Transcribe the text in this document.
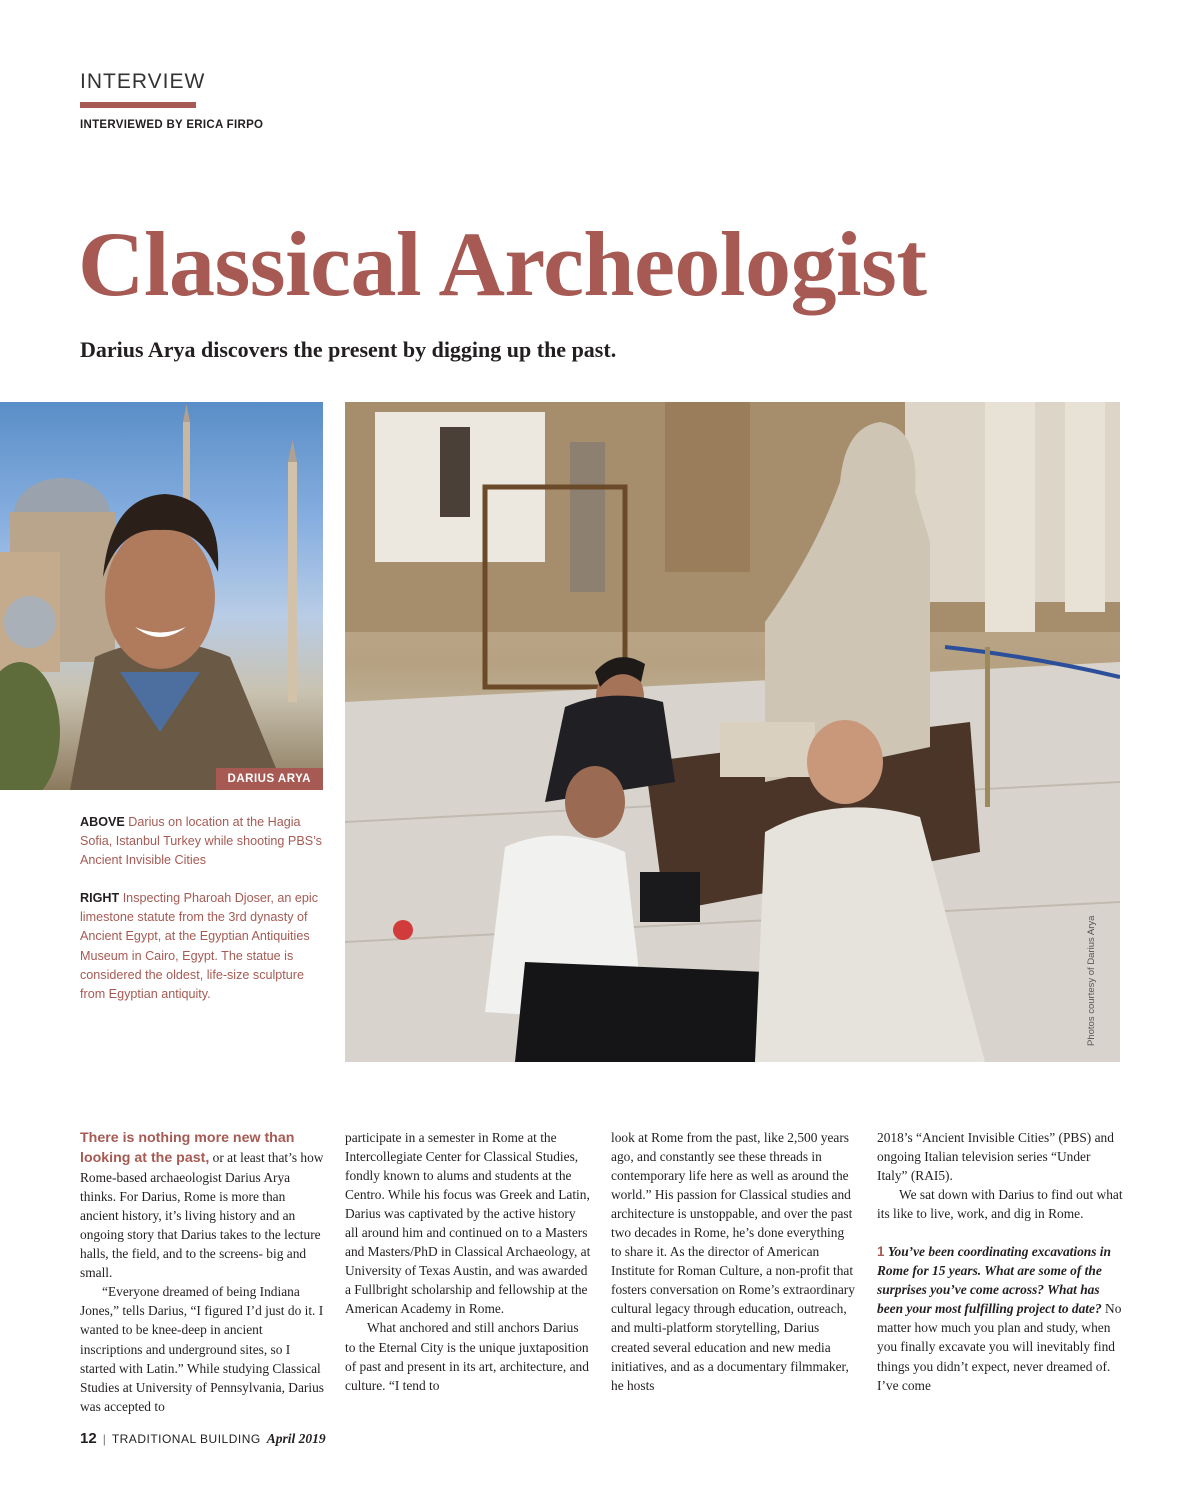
INTERVIEW
INTERVIEWED BY ERICA FIRPO
Classical Archeologist
Darius Arya discovers the present by digging up the past.
DARIUS ARYA
Photos courtesy of Darius Arya

ABOVE Darius on location at the Hagia Sofia, Istanbul Turkey while shooting PBS’s Ancient Invisible Cities

RIGHT Inspecting Pharoah Djoser, an epic limestone statute from the 3rd dynasty of Ancient Egypt, at the Egyptian Antiquities Museum in Cairo, Egypt. The statue is considered the oldest, life-size sculpture from Egyptian antiquity.

There is nothing more new than looking at the past, or at least that’s how Rome-based archaeologist Darius Arya thinks. For Darius, Rome is more than ancient history, it’s living history and an ongoing story that Darius takes to the lecture halls, the field, and to the screens- big and small.

“Everyone dreamed of being Indiana Jones,” tells Darius, “I figured I’d just do it. I wanted to be knee-deep in ancient inscriptions and underground sites, so I started with Latin.” While studying Classical Studies at University of Pennsylvania, Darius was accepted to

participate in a semester in Rome at the Intercollegiate Center for Classical Studies, fondly known to alums and students at the Centro. While his focus was Greek and Latin, Darius was captivated by the active history all around him and continued on to a Masters and Masters/PhD in Classical Archaeology, at University of Texas Austin, and was awarded a Fullbright scholarship and fellowship at the American Academy in Rome.

What anchored and still anchors Darius to the Eternal City is the unique juxtaposition of past and present in its art, architecture, and culture. “I tend to

look at Rome from the past, like 2,500 years ago, and constantly see these threads in contemporary life here as well as around the world.” His passion for Classical studies and architecture is unstoppable, and over the past two decades in Rome, he’s done everything to share it. As the director of American Institute for Roman Culture, a non-profit that fosters conversation on Rome’s extraordinary cultural legacy through education, outreach, and multi-platform storytelling, Darius created several education and new media initiatives, and as a documentary filmmaker, he hosts

2018’s “Ancient Invisible Cities” (PBS) and ongoing Italian television series “Under Italy” (RAI5).

We sat down with Darius to find out what its like to live, work, and dig in Rome.

1 You’ve been coordinating excavations in Rome for 15 years. What are some of the surprises you’ve come across? What has been your most fulfilling project to date? No matter how much you plan and study, when you finally excavate you will inevitably find things you didn’t expect, never dreamed of. I’ve come

12 | TRADITIONAL BUILDING April 2019
